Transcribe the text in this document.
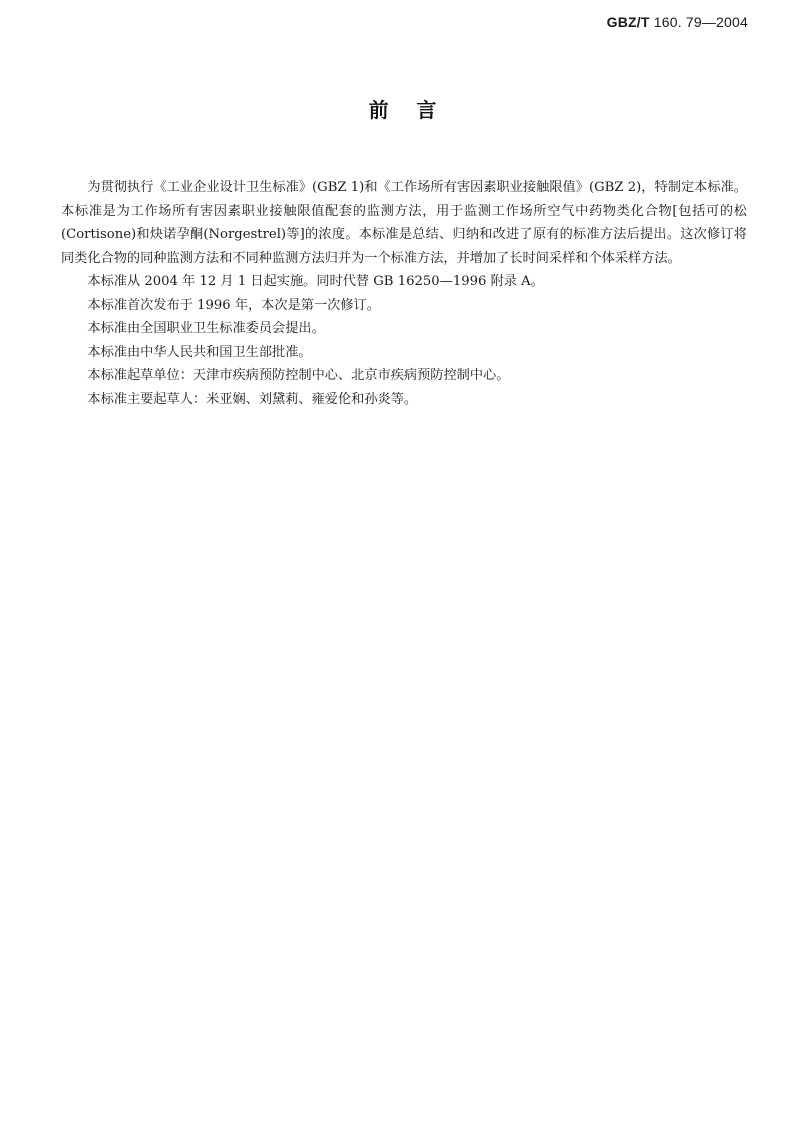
GBZ/T 160. 79—2004
前    言

为贯彻执行《工业企业设计卫生标准》(GBZ 1)和《工作场所有害因素职业接触限值》(GBZ 2)，特制定本标准。本标准是为工作场所有害因素职业接触限值配套的监测方法，用于监测工作场所空气中药物类化合物[包括可的松(Cortisone)和炔诺孕酮(Norgestrel)等]的浓度。本标准是总结、归纳和改进了原有的标准方法后提出。这次修订将同类化合物的同种监测方法和不同种监测方法归并为一个标准方法，并增加了长时间采样和个体采样方法。

本标准从 2004 年 12 月 1 日起实施。同时代替 GB 16250—1996 附录 A。

本标准首次发布于 1996 年，本次是第一次修订。

本标准由全国职业卫生标准委员会提出。

本标准由中华人民共和国卫生部批准。

本标准起草单位：天津市疾病预防控制中心、北京市疾病预防控制中心。

本标准主要起草人：米亚娴、刘黛莉、雍爱伦和孙炎等。
